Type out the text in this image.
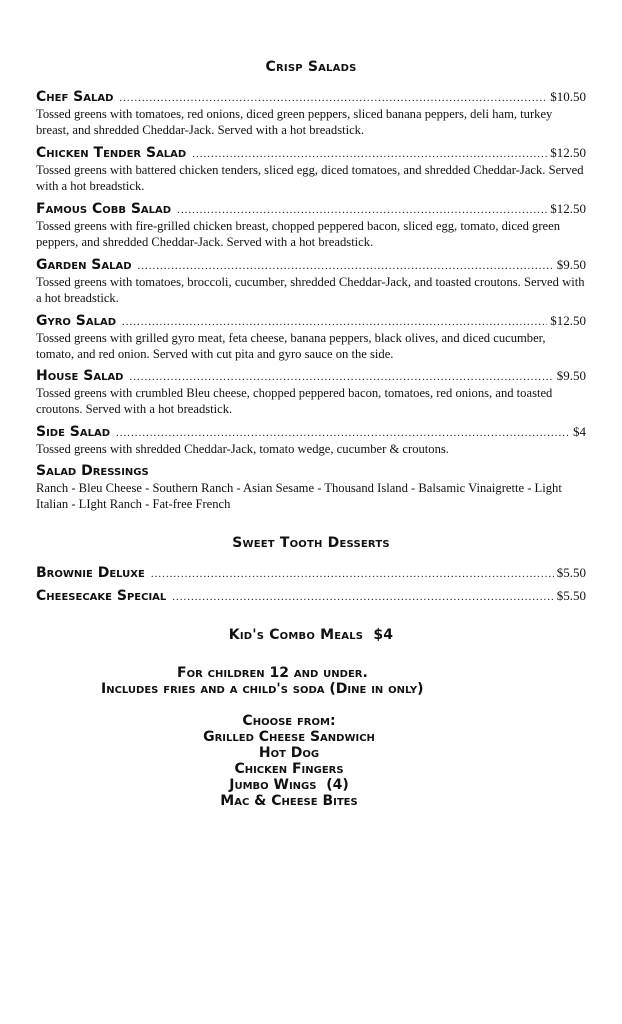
Crisp Salads
Chef Salad .....	$10.50
Tossed greens with tomatoes, red onions, diced green peppers, sliced banana peppers, deli ham, turkey breast, and shredded Cheddar-Jack. Served with a hot breadstick.
Chicken Tender Salad .....	$12.50
Tossed greens with battered chicken tenders, sliced egg, diced tomatoes, and shredded Cheddar-Jack. Served with a hot breadstick.
Famous Cobb Salad .....	$12.50
Tossed greens with fire-grilled chicken breast, chopped peppered bacon, sliced egg, tomato, diced green peppers, and shredded Cheddar-Jack. Served with a hot breadstick.
Garden Salad .....	$9.50
Tossed greens with tomatoes, broccoli, cucumber, shredded Cheddar-Jack, and toasted croutons. Served with a hot breadstick.
Gyro Salad .....	$12.50
Tossed greens with grilled gyro meat, feta cheese, banana peppers, black olives, and diced cucumber, tomato, and red onion. Served with cut pita and gyro sauce on the side.
House Salad .....	$9.50
Tossed greens with crumbled Bleu cheese, chopped peppered bacon, tomatoes, red onions, and toasted croutons. Served with a hot breadstick.
Side Salad .....	$4
Tossed greens with shredded Cheddar-Jack, tomato wedge, cucumber & croutons.
Salad Dressings
Ranch - Bleu Cheese - Southern Ranch - Asian Sesame - Thousand Island - Balsamic Vinaigrette - Light Italian - LIght Ranch - Fat-free French
Sweet Tooth Desserts
Brownie Deluxe .....	$5.50
Cheesecake Special .....	$5.50
Kid's Combo Meals  $4
For children 12 and under.
Includes fries and a child's soda (Dine in only)
Choose from:
Grilled Cheese Sandwich
Hot Dog
Chicken Fingers
Jumbo Wings  (4)
Mac & Cheese Bites
